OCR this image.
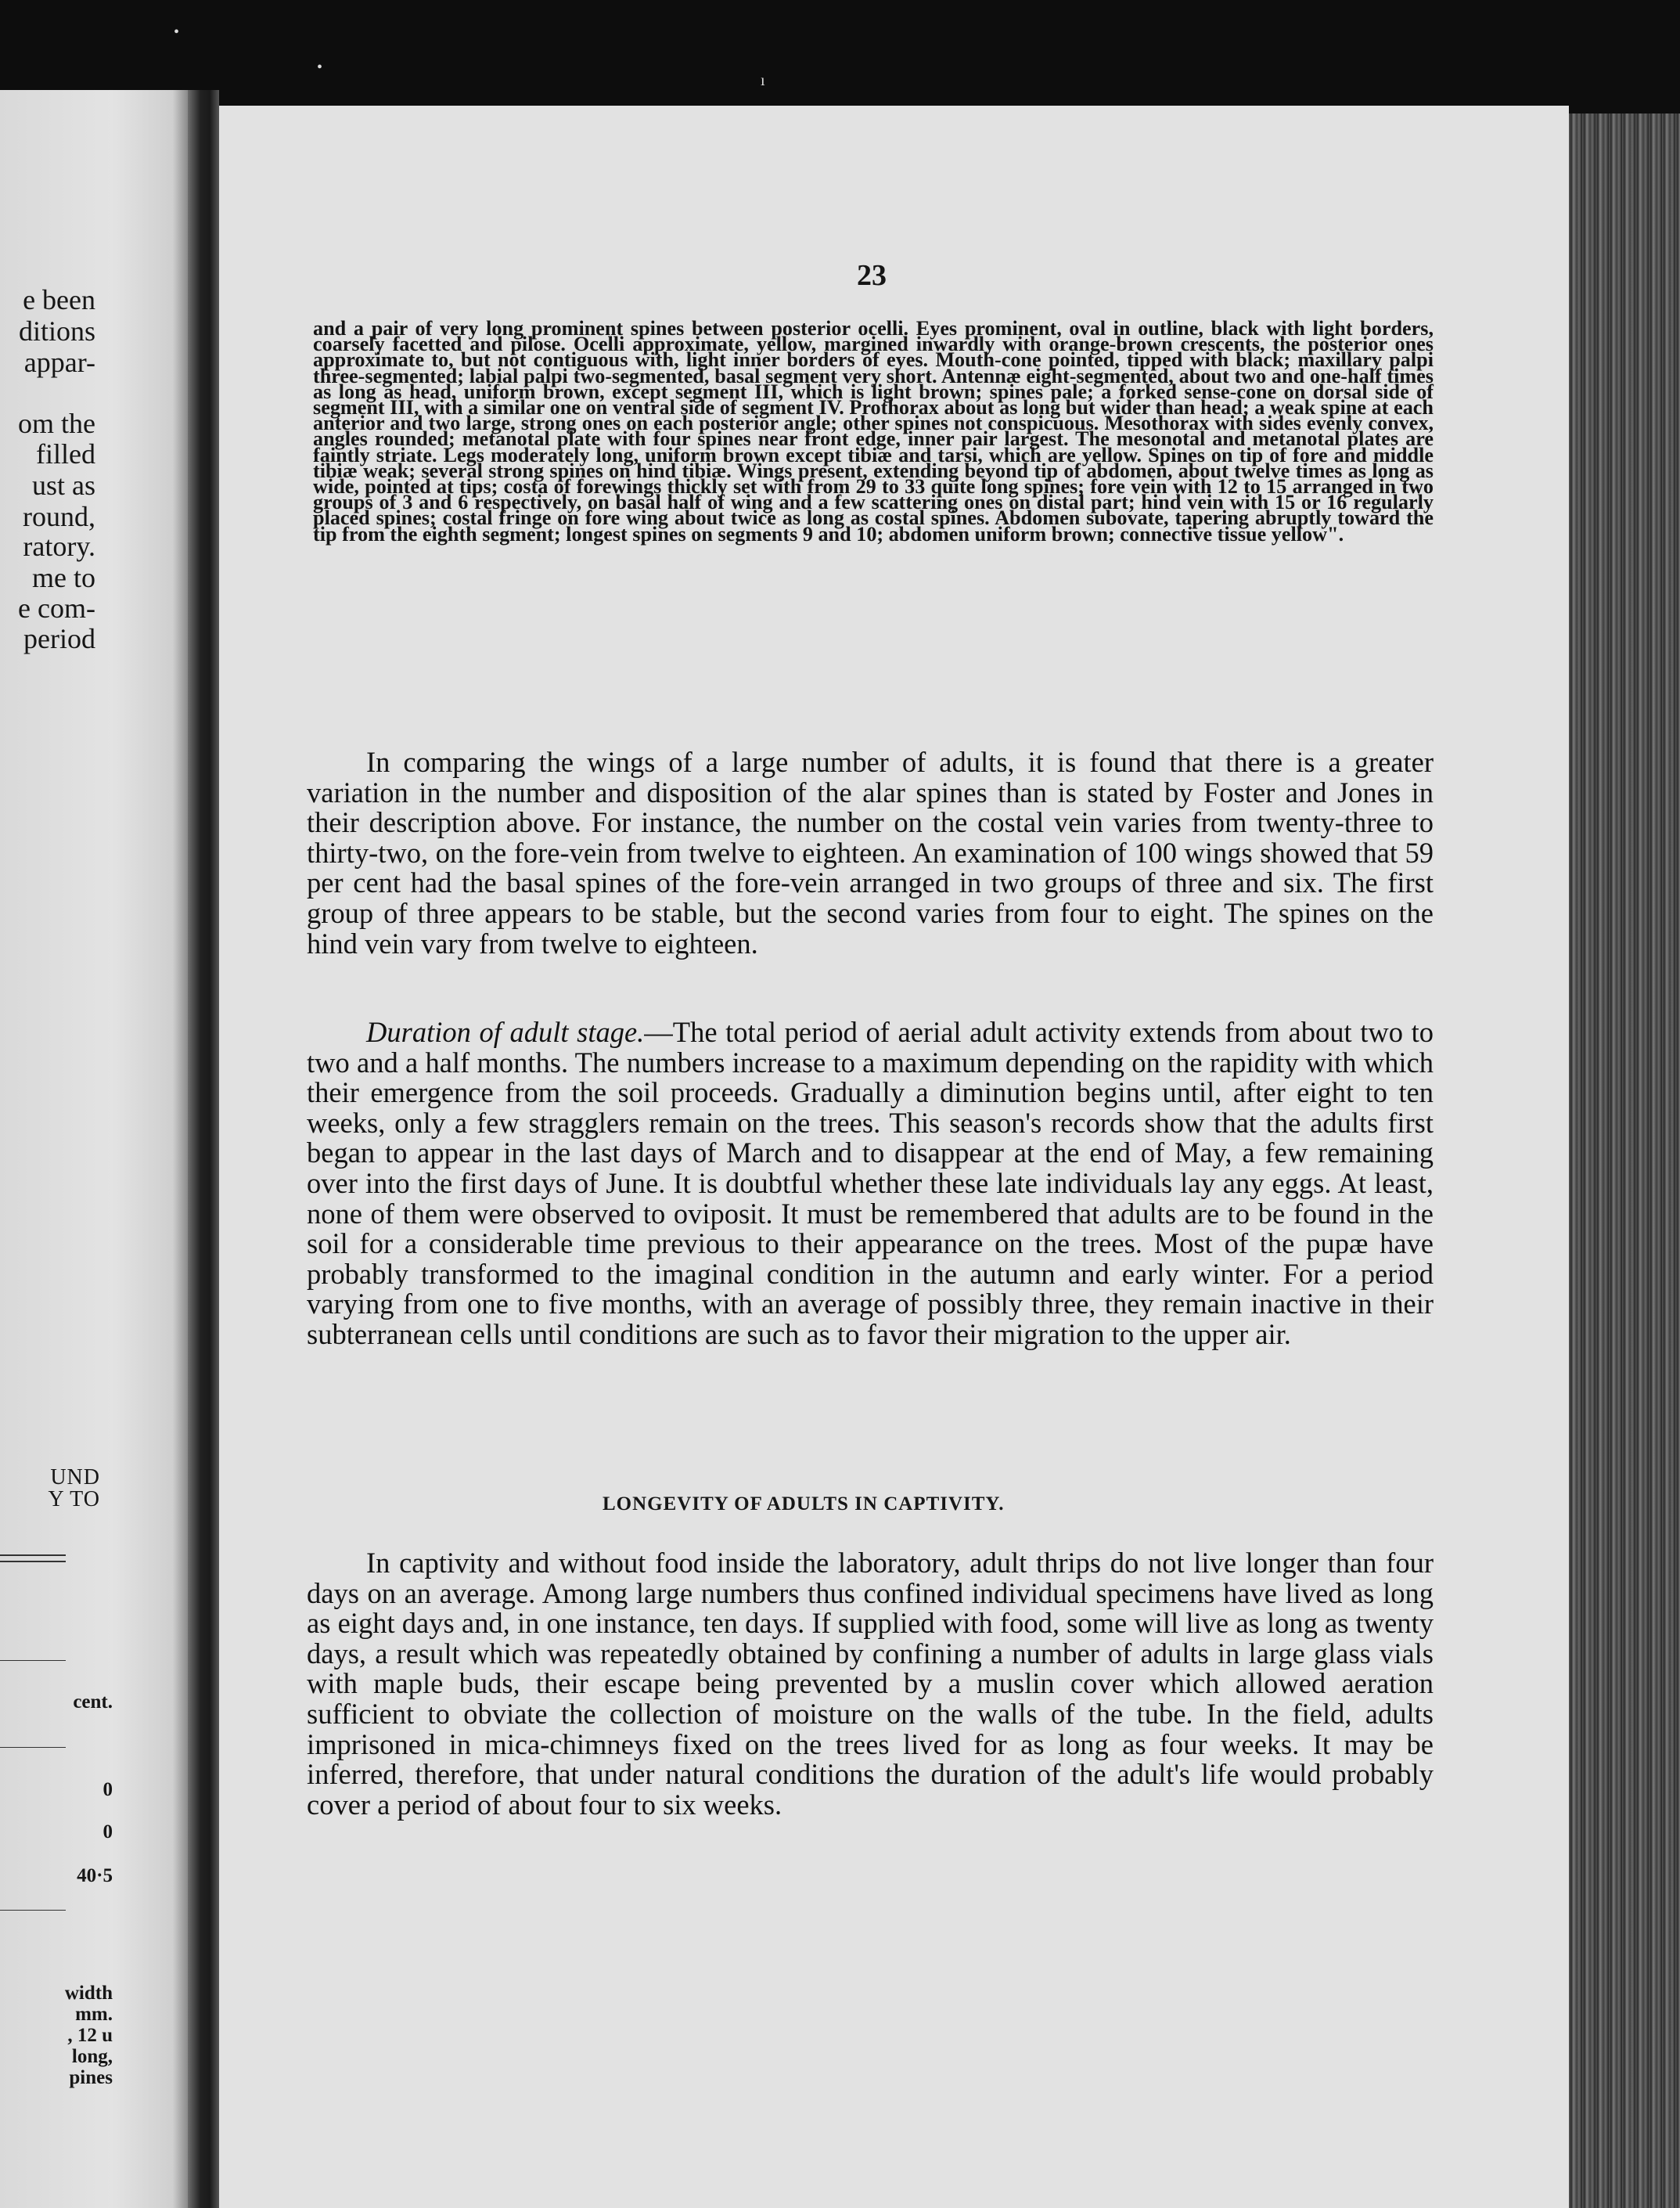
e been
ditions
appar-
om the
filled
ust as
round,
ratory.
me to
e com-
period
UND
Y TO
cent.
0
0
40·5
width
mm.
, 12 u
long,
pines
23
and a pair of very long prominent spines between posterior ocelli. Eyes prominent, oval in outline, black with light borders, coarsely facetted and pilose. Ocelli approximate, yellow, margined inwardly with orange-brown crescents, the posterior ones approximate to, but not contiguous with, light inner borders of eyes. Mouth-cone pointed, tipped with black; maxillary palpi three-segmented; labial palpi two-segmented, basal segment very short. Antennæ eight-segmented, about two and one-half times as long as head, uniform brown, except segment III, which is light brown; spines pale; a forked sense-cone on dorsal side of segment III, with a similar one on ventral side of segment IV. Prothorax about as long but wider than head; a weak spine at each anterior and two large, strong ones on each posterior angle; other spines not conspicuous. Mesothorax with sides evenly convex, angles rounded; metanotal plate with four spines near front edge, inner pair largest. The mesonotal and metanotal plates are faintly striate. Legs moderately long, uniform brown except tibiæ and tarsi, which are yellow. Spines on tip of fore and middle tibiæ weak; several strong spines on hind tibiæ. Wings present, extending beyond tip of abdomen, about twelve times as long as wide, pointed at tips; costa of forewings thickly set with from 29 to 33 quite long spines; fore vein with 12 to 15 arranged in two groups of 3 and 6 respectively, on basal half of wing and a few scattering ones on distal part; hind vein with 15 or 16 regularly placed spines; costal fringe on fore wing about twice as long as costal spines. Abdomen subovate, tapering abruptly toward the tip from the eighth segment; longest spines on segments 9 and 10; abdomen uniform brown; connective tissue yellow".
In comparing the wings of a large number of adults, it is found that there is a greater variation in the number and disposition of the alar spines than is stated by Foster and Jones in their description above. For instance, the number on the costal vein varies from twenty-three to thirty-two, on the fore-vein from twelve to eighteen. An examination of 100 wings showed that 59 per cent had the basal spines of the fore-vein arranged in two groups of three and six. The first group of three appears to be stable, but the second varies from four to eight. The spines on the hind vein vary from twelve to eighteen.
Duration of adult stage.—The total period of aerial adult activity extends from about two to two and a half months. The numbers increase to a maximum depending on the rapidity with which their emergence from the soil proceeds. Gradually a diminution begins until, after eight to ten weeks, only a few stragglers remain on the trees. This season's records show that the adults first began to appear in the last days of March and to disappear at the end of May, a few remaining over into the first days of June. It is doubtful whether these late individuals lay any eggs. At least, none of them were observed to oviposit. It must be remembered that adults are to be found in the soil for a considerable time previous to their appearance on the trees. Most of the pupæ have probably transformed to the imaginal condition in the autumn and early winter. For a period varying from one to five months, with an average of possibly three, they remain inactive in their subterranean cells until conditions are such as to favor their migration to the upper air.
LONGEVITY OF ADULTS IN CAPTIVITY.
In captivity and without food inside the laboratory, adult thrips do not live longer than four days on an average. Among large numbers thus confined individual specimens have lived as long as eight days and, in one instance, ten days. If supplied with food, some will live as long as twenty days, a result which was repeatedly obtained by confining a number of adults in large glass vials with maple buds, their escape being prevented by a muslin cover which allowed aeration sufficient to obviate the collection of moisture on the walls of the tube. In the field, adults imprisoned in mica-chimneys fixed on the trees lived for as long as four weeks. It may be inferred, therefore, that under natural conditions the duration of the adult's life would probably cover a period of about four to six weeks.
•
•
ı
